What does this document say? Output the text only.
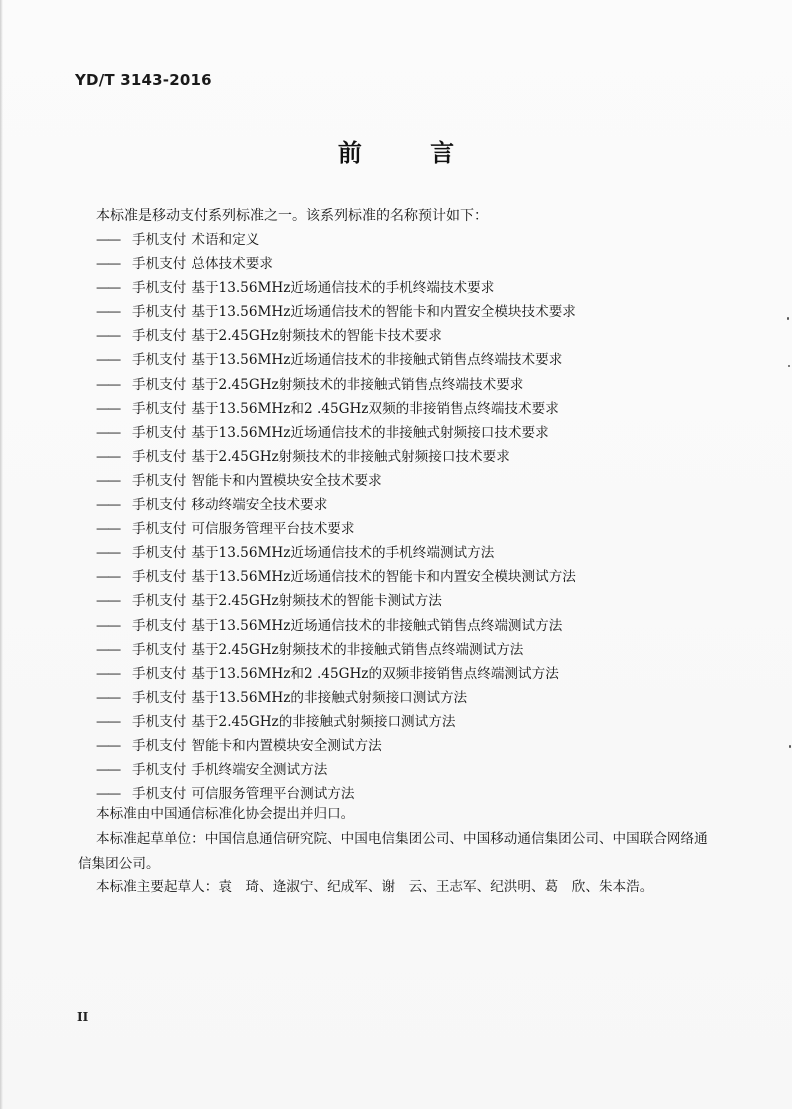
YD/T 3143-2016
前 言
本标准是移动支付系列标准之一。该系列标准的名称预计如下：
—— 手机支付 术语和定义
—— 手机支付 总体技术要求
—— 手机支付 基于13.56MHz近场通信技术的手机终端技术要求
—— 手机支付 基于13.56MHz近场通信技术的智能卡和内置安全模块技术要求
—— 手机支付 基于2.45GHz射频技术的智能卡技术要求
—— 手机支付 基于13.56MHz近场通信技术的非接触式销售点终端技术要求
—— 手机支付 基于2.45GHz射频技术的非接触式销售点终端技术要求
—— 手机支付 基于13.56MHz和2 .45GHz双频的非接销售点终端技术要求
—— 手机支付 基于13.56MHz近场通信技术的非接触式射频接口技术要求
—— 手机支付 基于2.45GHz射频技术的非接触式射频接口技术要求
—— 手机支付 智能卡和内置模块安全技术要求
—— 手机支付 移动终端安全技术要求
—— 手机支付 可信服务管理平台技术要求
—— 手机支付 基于13.56MHz近场通信技术的手机终端测试方法
—— 手机支付 基于13.56MHz近场通信技术的智能卡和内置安全模块测试方法
—— 手机支付 基于2.45GHz射频技术的智能卡测试方法
—— 手机支付 基于13.56MHz近场通信技术的非接触式销售点终端测试方法
—— 手机支付 基于2.45GHz射频技术的非接触式销售点终端测试方法
—— 手机支付 基于13.56MHz和2 .45GHz的双频非接销售点终端测试方法
—— 手机支付 基于13.56MHz的非接触式射频接口测试方法
—— 手机支付 基于2.45GHz的非接触式射频接口测试方法
—— 手机支付 智能卡和内置模块安全测试方法
—— 手机支付 手机终端安全测试方法
—— 手机支付 可信服务管理平台测试方法
本标准由中国通信标准化协会提出并归口。
本标准起草单位：中国信息通信研究院、中国电信集团公司、中国移动通信集团公司、中国联合网络通信集团公司。
本标准主要起草人：袁　琦、逄淑宁、纪成军、谢　云、王志军、纪洪明、葛　欣、朱本浩。
II
